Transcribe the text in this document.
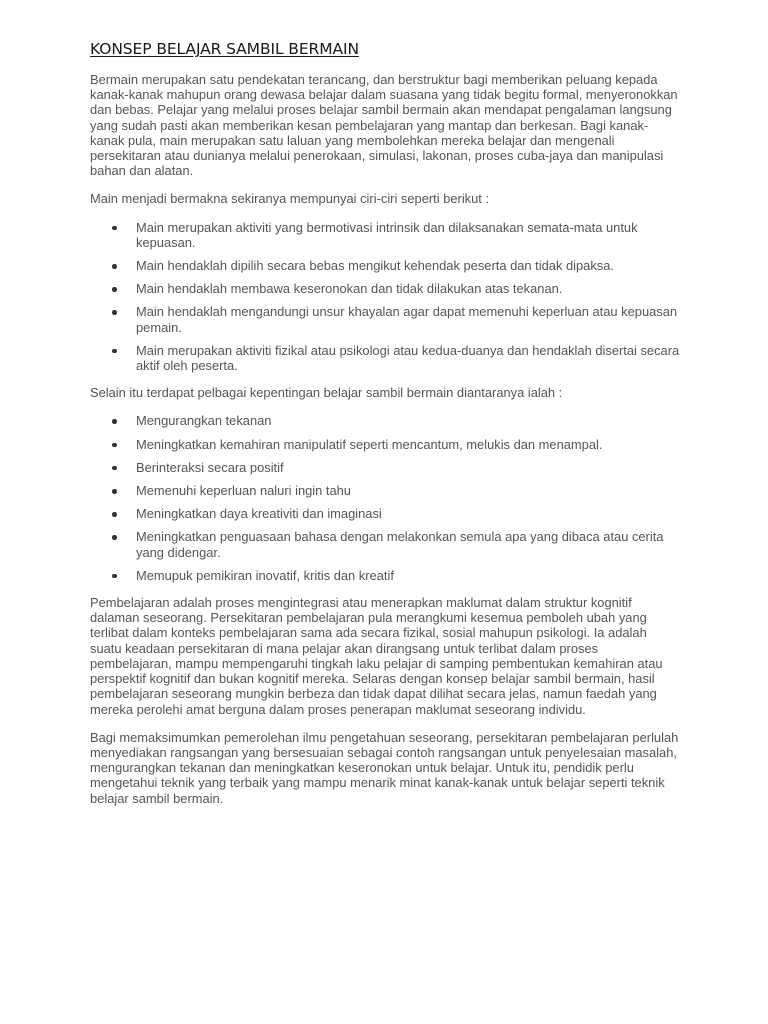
KONSEP BELAJAR SAMBIL BERMAIN

Bermain merupakan satu pendekatan terancang, dan berstruktur bagi memberikan peluang kepada kanak-kanak mahupun orang dewasa belajar dalam suasana yang tidak begitu formal, menyeronokkan dan bebas. Pelajar yang melalui proses belajar sambil bermain akan mendapat pengalaman langsung yang sudah pasti akan memberikan kesan pembelajaran yang mantap dan berkesan. Bagi kanak-kanak pula, main merupakan satu laluan yang membolehkan mereka belajar dan mengenali persekitaran atau dunianya melalui penerokaan, simulasi, lakonan, proses cuba-jaya dan manipulasi bahan dan alatan.

Main menjadi bermakna sekiranya mempunyai ciri-ciri seperti berikut :

Main merupakan aktiviti yang bermotivasi intrinsik dan dilaksanakan semata-mata untuk kepuasan.
Main hendaklah dipilih secara bebas mengikut kehendak peserta dan tidak dipaksa.
Main hendaklah membawa keseronokan dan tidak dilakukan atas tekanan.
Main hendaklah mengandungi unsur khayalan agar dapat memenuhi keperluan atau kepuasan pemain.
Main merupakan aktiviti fizikal atau psikologi atau kedua-duanya dan hendaklah disertai secara aktif oleh peserta.

Selain itu terdapat pelbagai kepentingan belajar sambil bermain diantaranya ialah :

Mengurangkan tekanan
Meningkatkan kemahiran manipulatif seperti mencantum, melukis dan menampal.
Berinteraksi secara positif
Memenuhi keperluan naluri ingin tahu
Meningkatkan daya kreativiti dan imaginasi
Meningkatkan penguasaan bahasa dengan melakonkan semula apa yang dibaca atau cerita yang didengar.
Memupuk pemikiran inovatif, kritis dan kreatif

Pembelajaran adalah proses mengintegrasi atau menerapkan maklumat dalam struktur kognitif dalaman seseorang. Persekitaran pembelajaran pula merangkumi kesemua pemboleh ubah yang terlibat dalam konteks pembelajaran sama ada secara fizikal, sosial mahupun psikologi. Ia adalah suatu keadaan persekitaran di mana pelajar akan dirangsang untuk terlibat dalam proses pembelajaran, mampu mempengaruhi tingkah laku pelajar di samping pembentukan kemahiran atau perspektif kognitif dan bukan kognitif mereka. Selaras dengan konsep belajar sambil bermain, hasil pembelajaran seseorang mungkin berbeza dan tidak dapat dilihat secara jelas, namun faedah yang mereka perolehi amat berguna dalam proses penerapan maklumat seseorang individu.

Bagi memaksimumkan pemerolehan ilmu pengetahuan seseorang, persekitaran pembelajaran perlulah menyediakan rangsangan yang bersesuaian sebagai contoh rangsangan untuk penyelesaian masalah, mengurangkan tekanan dan meningkatkan keseronokan untuk belajar. Untuk itu, pendidik perlu mengetahui teknik yang terbaik yang mampu menarik minat kanak-kanak untuk belajar seperti teknik belajar sambil bermain.
